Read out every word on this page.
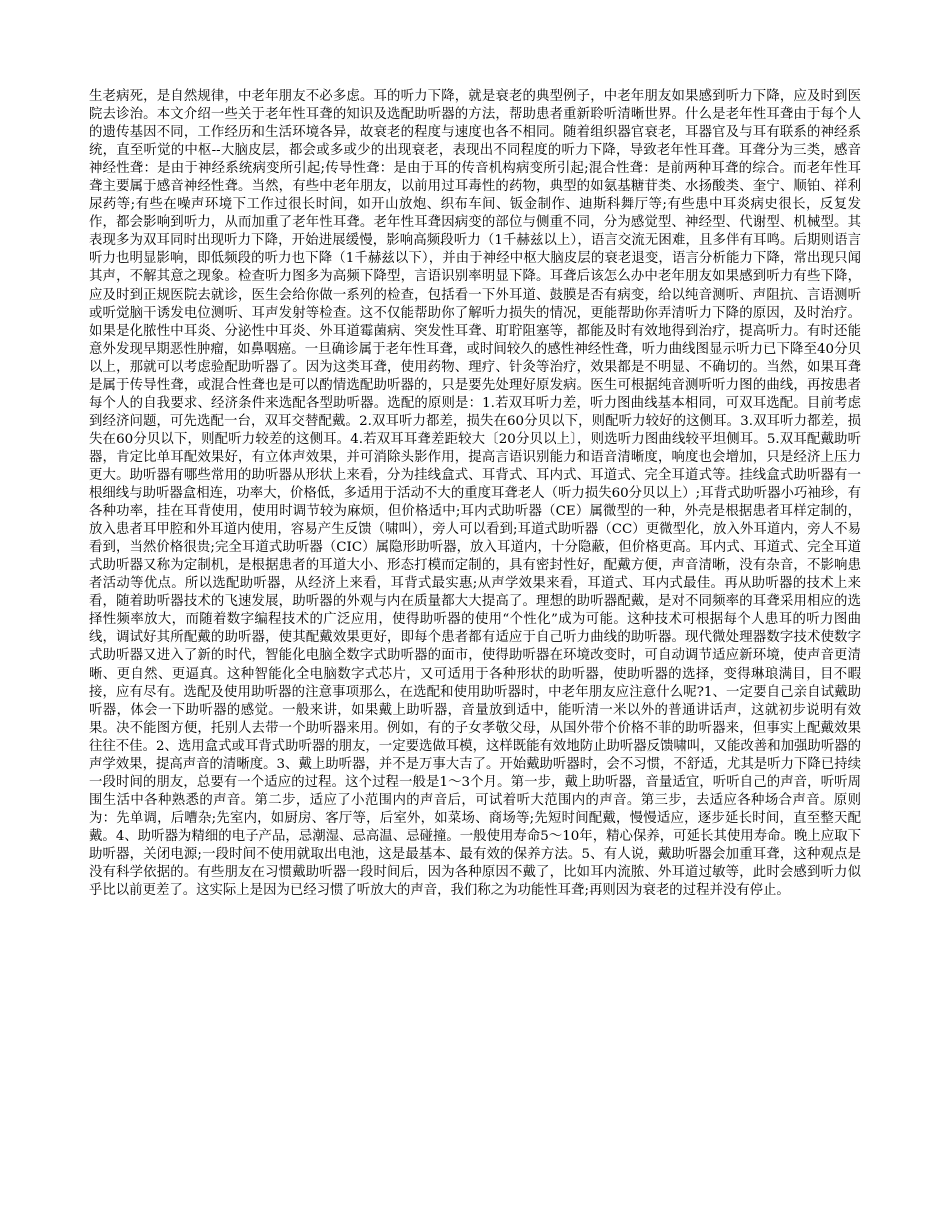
生老病死，是自然规律，中老年朋友不必多虑。耳的听力下降，就是衰老的典型例子，中老年朋友如果感到听力下降，应及时到医院去诊治。本文介绍一些关于老年性耳聋的知识及选配助听器的方法，帮助患者重新聆听清晰世界。什么是老年性耳聋由于每个人的遗传基因不同，工作经历和生活环境各异，故衰老的程度与速度也各不相同。随着组织器官衰老，耳器官及与耳有联系的神经系统，直至听觉的中枢--大脑皮层，都会或多或少的出现衰老，表现出不同程度的听力下降，导致老年性耳聋。耳聋分为三类，感音神经性聋：是由于神经系统病变所引起;传导性聋：是由于耳的传音机构病变所引起;混合性聋：是前两种耳聋的综合。而老年性耳聋主要属于感音神经性聋。当然，有些中老年朋友，以前用过耳毒性的药物，典型的如氨基糖苷类、水扬酸类、奎宁、顺铂、祥利尿药等;有些在噪声环境下工作过很长时间，如开山放炮、织布车间、钣金制作、迪斯科舞厅等;有些患中耳炎病史很长，反复发作，都会影响到听力，从而加重了老年性耳聋。老年性耳聋因病变的部位与侧重不同，分为感觉型、神经型、代谢型、机械型。其表现多为双耳同时出现听力下降，开始进展缓慢，影响高频段听力（1千赫兹以上），语言交流无困难，且多伴有耳鸣。后期则语言听力也明显影响，即低频段的听力也下降（1千赫兹以下），并由于神经中枢大脑皮层的衰老退变，语言分析能力下降，常出现只闻其声，不解其意之现象。检查听力图多为高频下降型，言语识别率明显下降。耳聋后该怎么办中老年朋友如果感到听力有些下降，应及时到正规医院去就诊，医生会给你做一系列的检查，包括看一下外耳道、鼓膜是否有病变，给以纯音测听、声阻抗、言语测听或听觉脑干诱发电位测听、耳声发射等检查。这不仅能帮助你了解听力损失的情况，更能帮助你弄清听力下降的原因，及时治疗。如果是化脓性中耳炎、分泌性中耳炎、外耳道霉菌病、突发性耳聋、耵聍阻塞等，都能及时有效地得到治疗，提高听力。有时还能意外发现早期恶性肿瘤，如鼻咽癌。一旦确诊属于老年性耳聋，或时间较久的感性神经性聋，听力曲线图显示听力已下降至40分贝以上，那就可以考虑验配助听器了。因为这类耳聋，使用药物、理疗、针灸等治疗，效果都是不明显、不确切的。当然，如果耳聋是属于传导性聋，或混合性聋也是可以酌情选配助听器的，只是要先处理好原发病。医生可根据纯音测听听力图的曲线，再按患者每个人的自我要求、经济条件来选配各型助听器。选配的原则是：1.若双耳听力差，听力图曲线基本相同，可双耳选配。目前考虑到经济问题，可先选配一台，双耳交替配戴。2.双耳听力都差，损失在60分贝以下，则配听力较好的这侧耳。3.双耳听力都差，损失在60分贝以下，则配听力较差的这侧耳。4.若双耳耳聋差距较大〔20分贝以上〕，则选听力图曲线较平坦侧耳。5.双耳配戴助听器，肯定比单耳配效果好，有立体声效果，并可消除头影作用，提高言语识别能力和语音清晰度，响度也会增加，只是经济上压力更大。助听器有哪些常用的助听器从形状上来看，分为挂线盒式、耳背式、耳内式、耳道式、完全耳道式等。挂线盒式助听器有一根细线与助听器盒相连，功率大，价格低，多适用于活动不大的重度耳聋老人（听力损失60分贝以上）;耳背式助听器小巧袖珍，有各种功率，挂在耳背使用，使用时调节较为麻烦，但价格适中;耳内式助听器（CE）属微型的一种，外壳是根据患者耳样定制的，放入患者耳甲腔和外耳道内使用，容易产生反馈（啸叫），旁人可以看到;耳道式助听器（CC）更微型化，放入外耳道内，旁人不易看到，当然价格很贵;完全耳道式助听器（CIC）属隐形助听器，放入耳道内，十分隐蔽，但价格更高。耳内式、耳道式、完全耳道式助听器又称为定制机，是根据患者的耳道大小、形态打模而定制的，具有密封性好，配戴方便，声音清晰，没有杂音，不影响患者活动等优点。所以选配助听器，从经济上来看，耳背式最实惠;从声学效果来看，耳道式、耳内式最佳。再从助听器的技术上来看，随着助听器技术的飞速发展，助听器的外观与内在质量都大大提高了。理想的助听器配戴，是对不同频率的耳聋采用相应的选择性频率放大，而随着数字编程技术的广泛应用，使得助听器的使用“个性化”成为可能。这种技术可根据每个人患耳的听力图曲线，调试好其所配戴的助听器，使其配戴效果更好，即每个患者都有适应于自己听力曲线的助听器。现代微处理器数字技术使数字式助听器又进入了新的时代，智能化电脑全数字式助听器的面市，使得助听器在环境改变时，可自动调节适应新环境，使声音更清晰、更自然、更逼真。这种智能化全电脑数字式芯片，又可适用于各种形状的助听器，使助听器的选择，变得琳琅满目，目不暇接，应有尽有。选配及使用助听器的注意事项那么，在选配和使用助听器时，中老年朋友应注意什么呢?1、一定要自己亲自试戴助听器，体会一下助听器的感觉。一般来讲，如果戴上助听器，音量放到适中，能听清一米以外的普通讲话声，这就初步说明有效果。决不能图方便，托别人去带一个助听器来用。例如，有的子女孝敬父母，从国外带个价格不菲的助听器来，但事实上配戴效果往往不佳。2、选用盒式或耳背式助听器的朋友，一定要选做耳模，这样既能有效地防止助听器反馈啸叫，又能改善和加强助听器的声学效果，提高声音的清晰度。3、戴上助听器，并不是万事大吉了。开始戴助听器时，会不习惯，不舒适，尤其是听力下降已持续一段时间的朋友，总要有一个适应的过程。这个过程一般是1～3个月。第一步，戴上助听器，音量适宜，听听自己的声音，听听周围生活中各种熟悉的声音。第二步，适应了小范围内的声音后，可试着听大范围内的声音。第三步，去适应各种场合声音。原则为：先单调，后嘈杂;先室内，如厨房、客厅等，后室外，如菜场、商场等;先短时间配戴，慢慢适应，逐步延长时间，直至整天配戴。4、助听器为精细的电子产品，忌潮湿、忌高温、忌碰撞。一般使用寿命5～10年，精心保养，可延长其使用寿命。晚上应取下助听器，关闭电源;一段时间不使用就取出电池，这是最基本、最有效的保养方法。5、有人说，戴助听器会加重耳聋，这种观点是没有科学依据的。有些朋友在习惯戴助听器一段时间后，因为各种原因不戴了，比如耳内流脓、外耳道过敏等，此时会感到听力似乎比以前更差了。这实际上是因为已经习惯了听放大的声音，我们称之为功能性耳聋;再则因为衰老的过程并没有停止。
